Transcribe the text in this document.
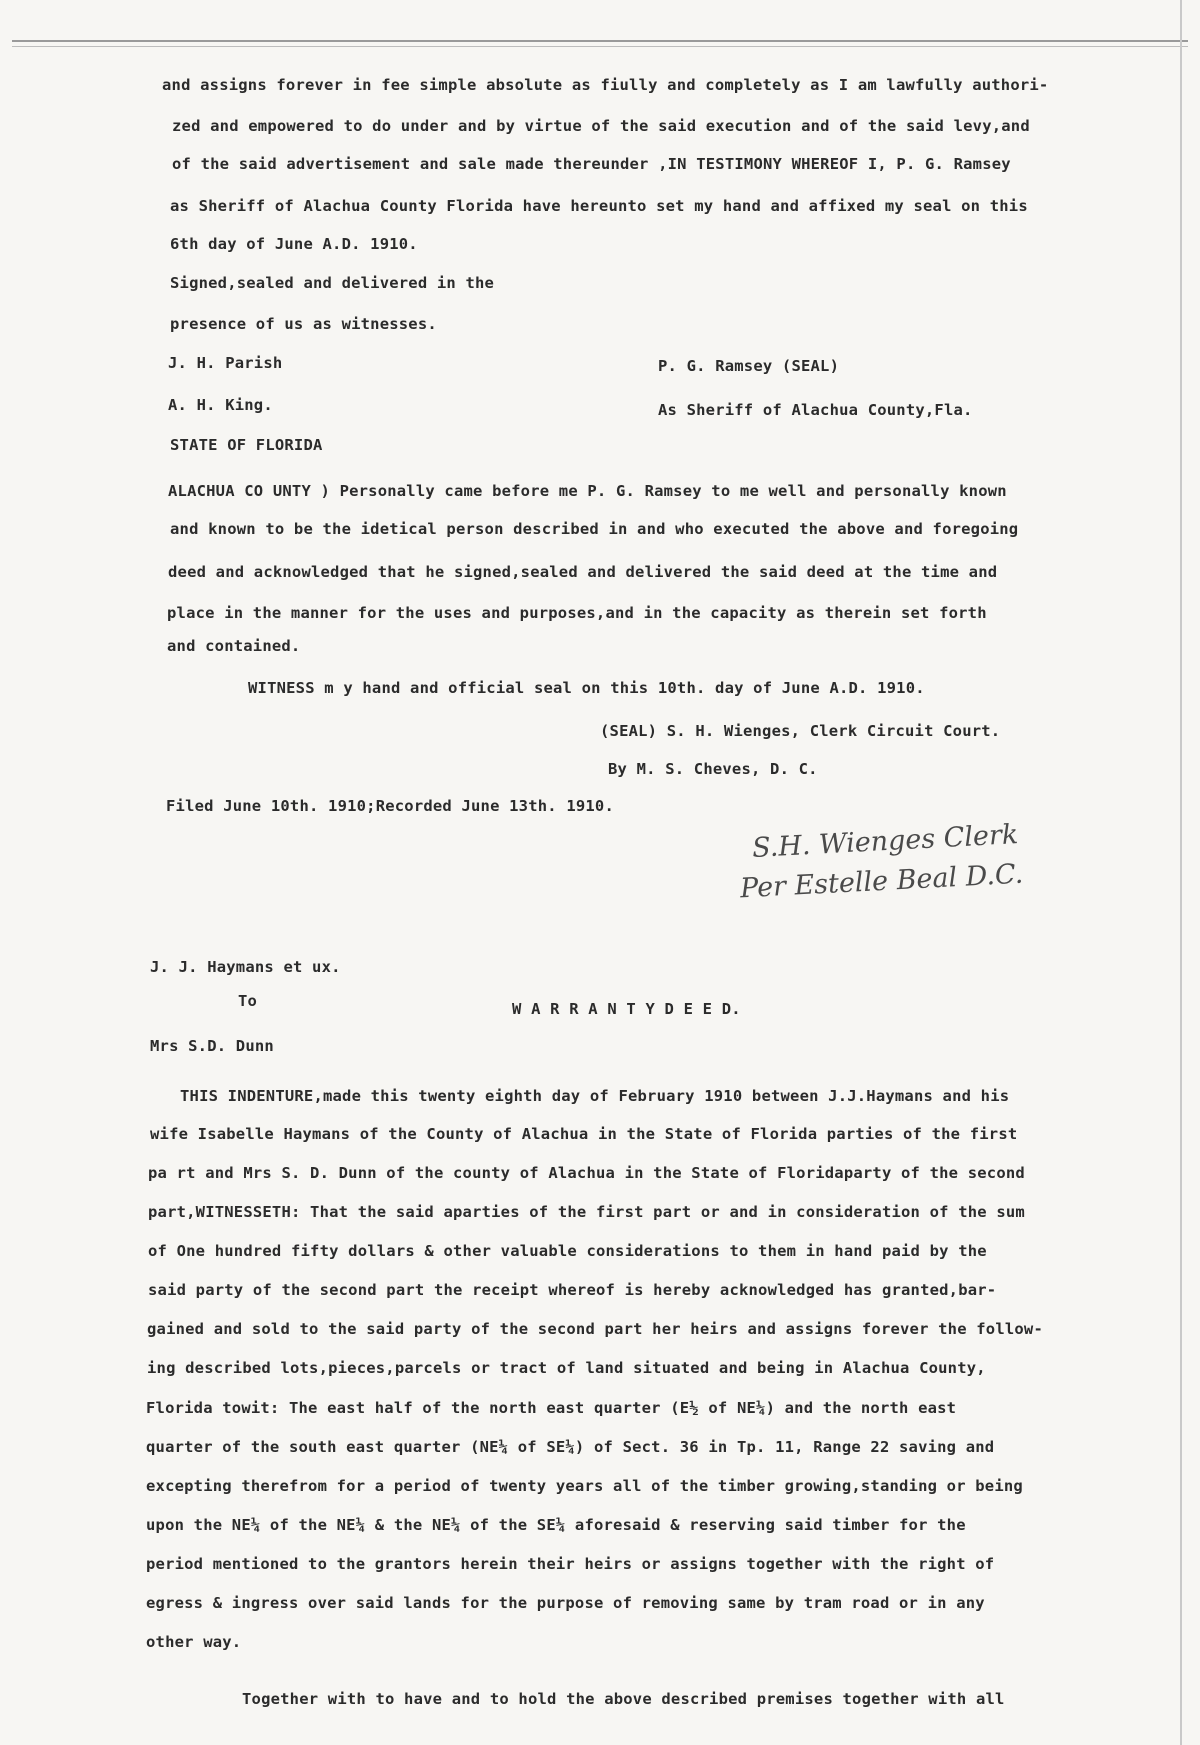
and assigns forever in fee simple absolute as fiully and completely as I am lawfully authori-
zed and empowered to do under and by virtue of the said execution and of the said levy,and
of the said advertisement and sale made thereunder ,IN TESTIMONY WHEREOF I, P. G. Ramsey
as Sheriff of Alachua County Florida have hereunto set my hand and affixed my seal on this
6th day of June A.D. 1910.
Signed,sealed and delivered in the
presence of us as witnesses.
J. H. Parish	P. G. Ramsey (SEAL)
A. H. King.	As Sheriff of Alachua County,Fla.
STATE OF FLORIDA
ALACHUA CO UNTY ) Personally came before me P. G. Ramsey to me well and personally known
and known to be the idetical person described in and who executed the above and foregoing
deed and acknowledged that he signed,sealed and delivered the said deed at the time and
place in the manner for the uses and purposes,and in the capacity as therein set forth
and contained.
WITNESS m y hand and official seal on this 10th. day of June A.D. 1910.
(SEAL) S. H. Wienges, Clerk Circuit Court.
By M. S. Cheves, D. C.
Filed June 10th. 1910;Recorded June 13th. 1910.
S.H. Wienges Clerk
Per Estelle Beal D.C.
J. J. Haymans et ux.
To	W A R R A N T Y D E E D.
Mrs S.D. Dunn
THIS INDENTURE,made this twenty eighth day of February 1910 between J.J.Haymans and his
wife Isabelle Haymans of the County of Alachua in the State of Florida parties of the first
pa rt and Mrs S. D. Dunn of the county of Alachua in the State of Floridaparty of the second
part,WITNESSETH: That the said aparties of the first part or and in consideration of the sum
of One hundred fifty dollars & other valuable considerations to them in hand paid by the
said party of the second part the receipt whereof is hereby acknowledged has granted,bar-
gained and sold to the said party of the second part her heirs and assigns forever the follow-
ing described lots,pieces,parcels or tract of land situated and being in Alachua County,
Florida towit: The east half of the north east quarter (E½ of NE¼) and the north east
quarter of the south east quarter (NE¼ of SE¼) of Sect. 36 in Tp. 11, Range 22 saving and
excepting therefrom for a period of twenty years all of the timber growing,standing or being
upon the NE¼ of the NE¼ & the NE¼ of the SE¼ aforesaid & reserving said timber for the
period mentioned to the grantors herein their heirs or assigns together with the right of
egress & ingress over said lands for the purpose of removing same by tram road or in any
other way.
Together with to have and to hold the above described premises together with all
